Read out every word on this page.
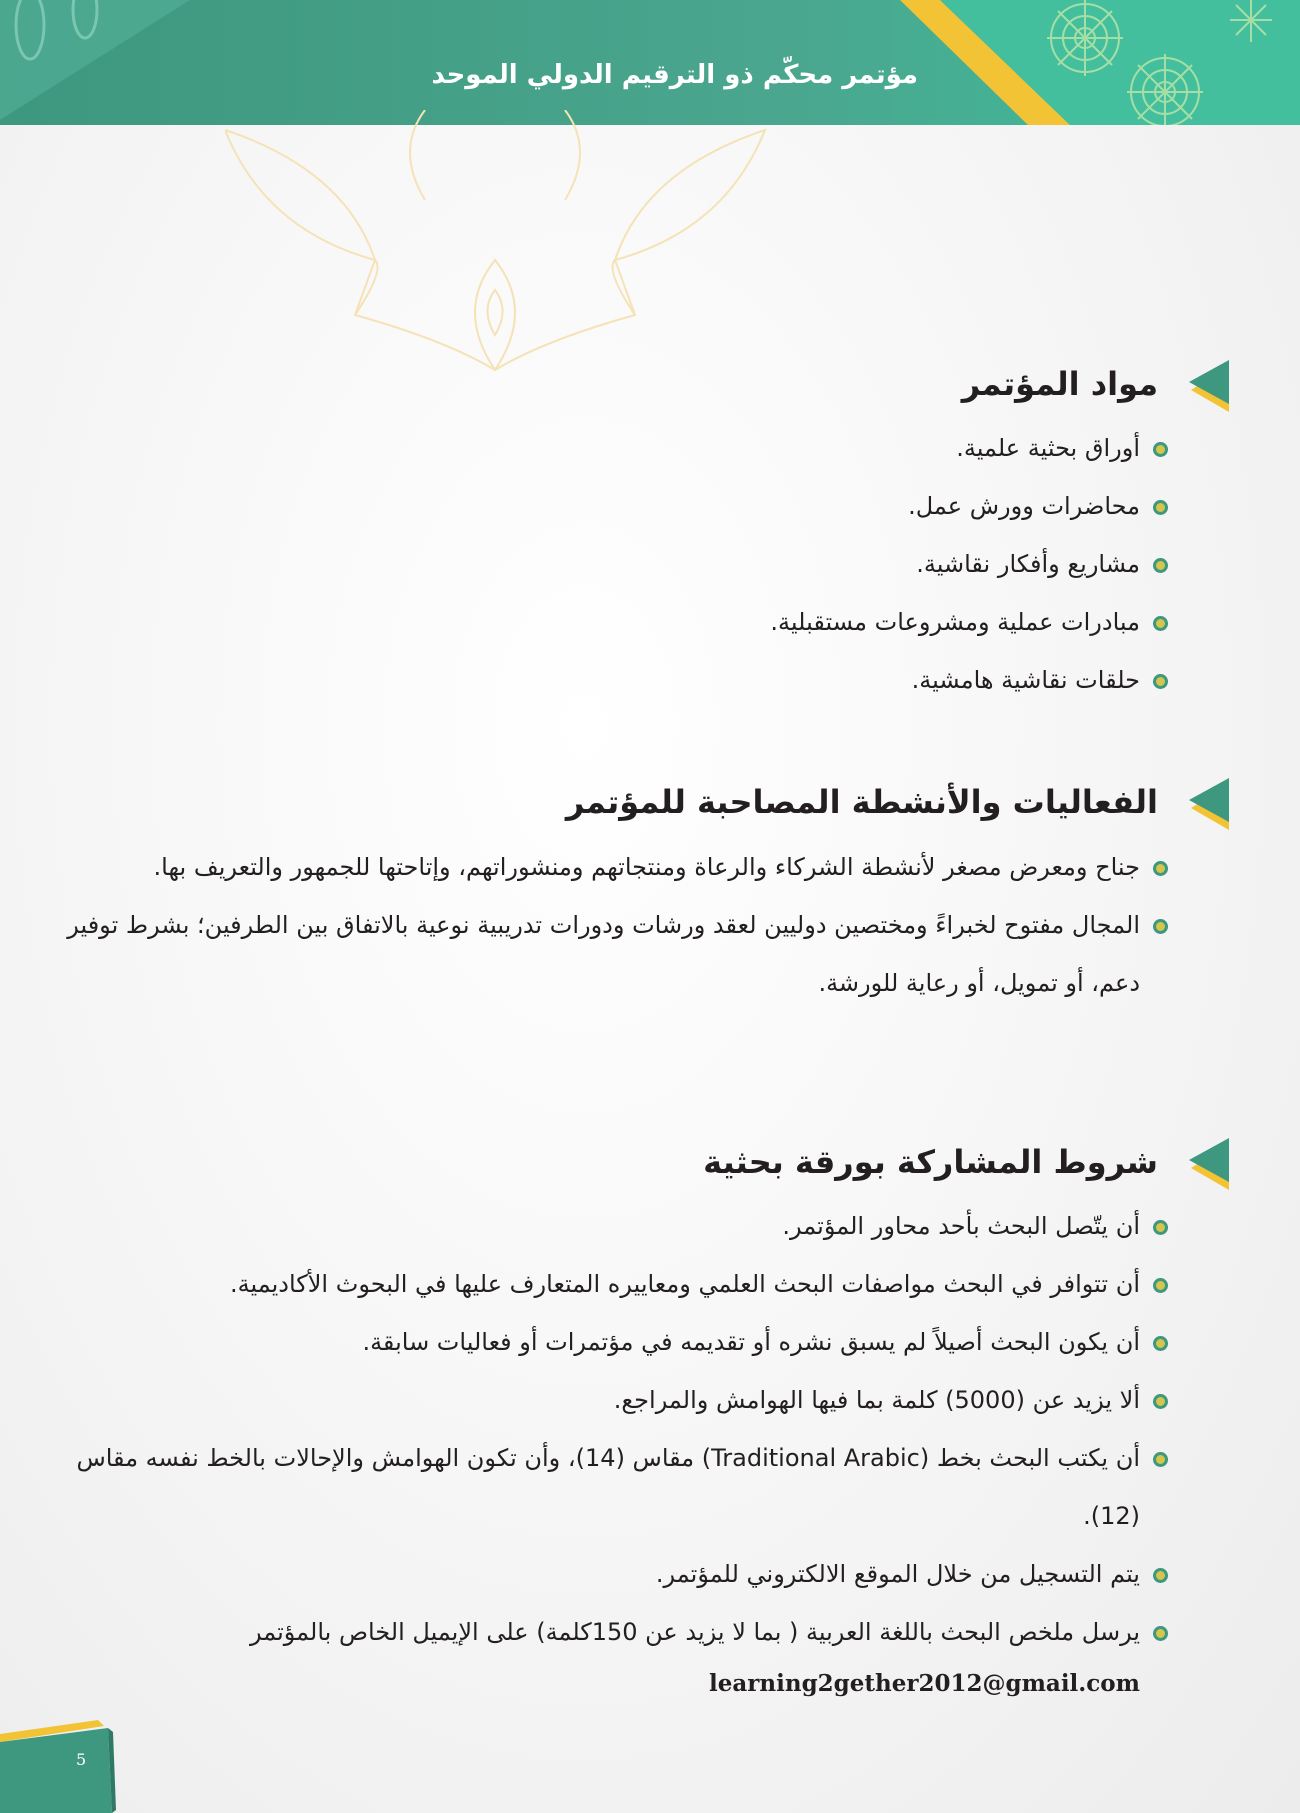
مؤتمر محكّم ذو الترقيم الدولي الموحد

مواد المؤتمر
أوراق بحثية علمية.
محاضرات وورش عمل.
مشاريع وأفكار نقاشية.
مبادرات عملية ومشروعات مستقبلية.
حلقات نقاشية هامشية.
الفعاليات والأنشطة المصاحبة للمؤتمر
جناح ومعرض مصغر لأنشطة الشركاء والرعاة ومنتجاتهم ومنشوراتهم، وإتاحتها للجمهور والتعريف بها.
المجال مفتوح لخبراءً ومختصين دوليين لعقد ورشات ودورات تدريبية نوعية بالاتفاق بين الطرفين؛ بشرط توفير دعم، أو تمويل، أو رعاية للورشة.
شروط المشاركة بورقة بحثية
أن يتّصل البحث بأحد محاور المؤتمر.
أن تتوافر في البحث مواصفات البحث العلمي ومعاييره المتعارف عليها في البحوث الأكاديمية.
أن يكون البحث أصيلاً لم يسبق نشره أو تقديمه في مؤتمرات أو فعاليات سابقة.
ألا يزيد عن (5000) كلمة بما فيها الهوامش والمراجع.
أن يكتب البحث بخط (Traditional Arabic) مقاس (14)، وأن تكون الهوامش والإحالات بالخط نفسه مقاس (12).
يتم التسجيل من خلال الموقع الالكتروني للمؤتمر.
يرسل ملخص البحث باللغة العربية ( بما لا يزيد عن 150كلمة) على الإيميل الخاص بالمؤتمر

learning2gether2012@gmail.com

5
